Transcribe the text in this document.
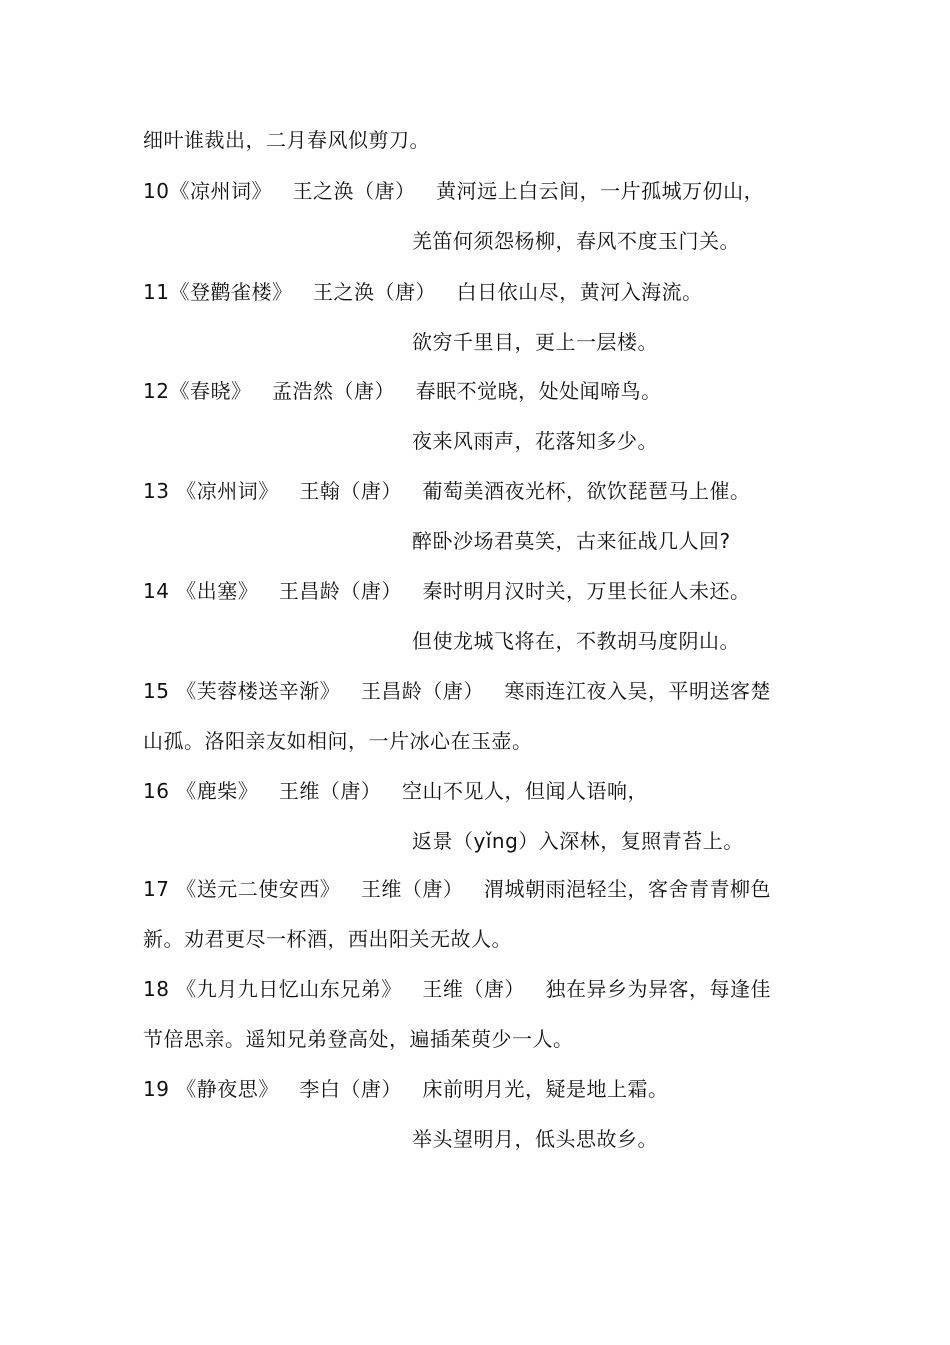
细叶谁裁出，二月春风似剪刀。
10《凉州词》   王之涣（唐）   黄河远上白云间，一片孤城万仞山，
羌笛何须怨杨柳，春风不度玉门关。
11《登鹳雀楼》   王之涣（唐）   白日依山尽，黄河入海流。
欲穷千里目，更上一层楼。
12《春晓》   孟浩然（唐）   春眠不觉晓，处处闻啼鸟。
夜来风雨声，花落知多少。
13 《凉州词》   王翰（唐）   葡萄美酒夜光杯，欲饮琵琶马上催。
醉卧沙场君莫笑，古来征战几人回?
14 《出塞》   王昌龄（唐）   秦时明月汉时关，万里长征人未还。
但使龙城飞将在，不教胡马度阴山。
15 《芙蓉楼送辛渐》   王昌龄（唐）   寒雨连江夜入吴，平明送客楚
山孤。洛阳亲友如相问，一片冰心在玉壶。
16 《鹿柴》   王维（唐）   空山不见人，但闻人语响，
返景（yǐng）入深林，复照青苔上。
17 《送元二使安西》   王维（唐）   渭城朝雨浥轻尘，客舍青青柳色
新。劝君更尽一杯酒，西出阳关无故人。
18 《九月九日忆山东兄弟》   王维（唐）   独在异乡为异客，每逢佳
节倍思亲。遥知兄弟登高处，遍插茱萸少一人。
19 《静夜思》   李白（唐）   床前明月光，疑是地上霜。
举头望明月，低头思故乡。
